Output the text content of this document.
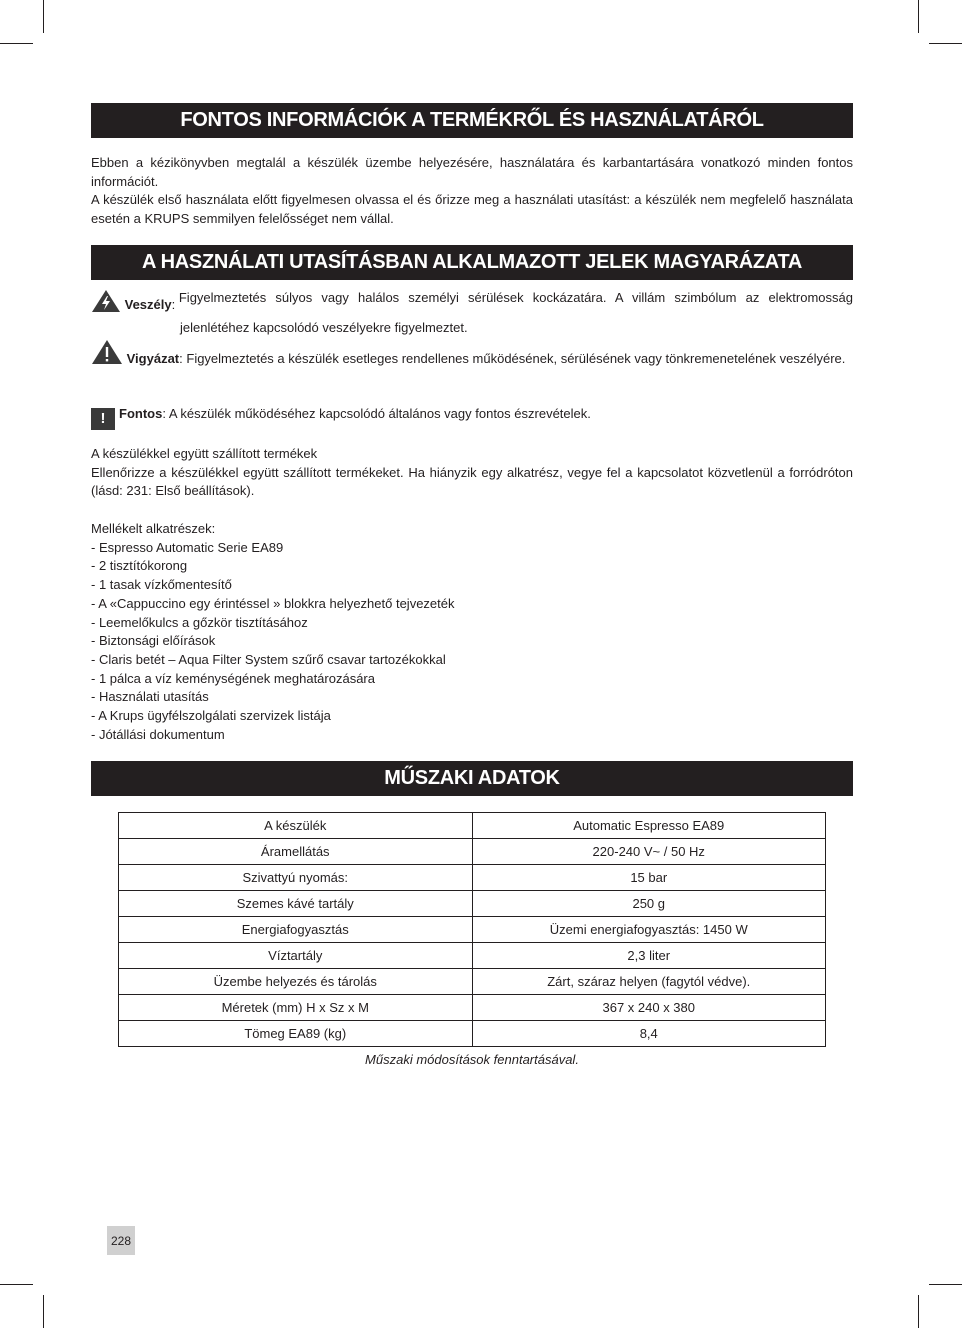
FONTOS INFORMÁCIÓK A TERMÉKRŐL ÉS HASZNÁLATÁRÓL

Ebben a kézikönyvben megtalál a készülék üzembe helyezésére, használatára és karbantartására vonatkozó minden fontos információt.

A készülék első használata előtt figyelmesen olvassa el és őrizze meg a használati utasítást: a készülék nem megfelelő használata esetén a KRUPS semmilyen felelősséget nem vállal.

A HASZNÁLATI UTASÍTÁSBAN ALKALMAZOTT JELEK MAGYARÁZATA
Veszély: Figyelmeztetés súlyos vagy halálos személyi sérülések kockázatára. A villám szimbólum az elektromosság
jelenlétéhez kapcsolódó veszélyekre figyelmeztet.
Vigyázat: Figyelmeztetés a készülék esetleges rendellenes működésének, sérülésének vagy tönkremenetelének veszélyére.
! Fontos: A készülék működéséhez kapcsolódó általános vagy fontos észrevételek.

A készülékkel együtt szállított termékek

Ellenőrizze a készülékkel együtt szállított termékeket. Ha hiányzik egy alkatrész, vegye fel a kapcsolatot közvetlenül a forródróton (lásd: 231: Első beállítások).

Mellékelt alkatrészek:

- Espresso Automatic Serie EA89

- 2 tisztítókorong

- 1 tasak vízkőmentesítő

- A «Cappuccino egy érintéssel » blokkra helyezhető tejvezeték

- Leemelőkulcs a gőzkör tisztításához

- Biztonsági előírások

- Claris betét – Aqua Filter System szűrő csavar tartozékokkal

- 1 pálca a víz keménységének meghatározására

- Használati utasítás

- A Krups ügyfélszolgálati szervizek listája

- Jótállási dokumentum

MŰSZAKI ADATOK
A készülék	Automatic Espresso EA89
Áramellátás	220-240 V~ / 50 Hz
Szivattyú nyomás:	15 bar
Szemes kávé tartály	250 g
Energiafogyasztás	Üzemi energiafogyasztás: 1450 W
Víztartály	2,3 liter
Üzembe helyezés és tárolás	Zárt, száraz helyen (fagytól védve).
Méretek (mm) H x Sz x M	367 x 240 x 380
Tömeg EA89 (kg)	8,4
Műszaki módosítások fenntartásával.
228
